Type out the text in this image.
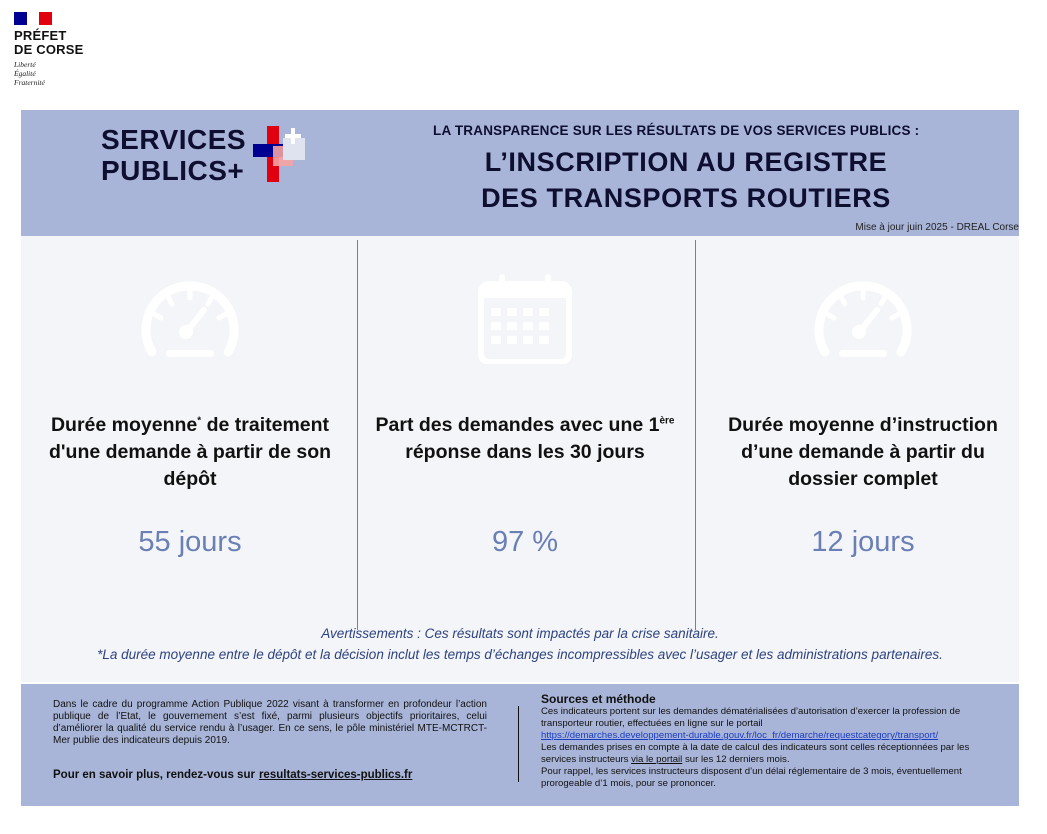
PRÉFET
DE CORSE
Liberté
Égalité
Fraternité
SERVICES
PUBLICS+
LA TRANSPARENCE SUR LES RÉSULTATS DE VOS SERVICES PUBLICS :
L’INSCRIPTION AU REGISTRE
DES TRANSPORTS ROUTIERS
Mise à jour juin 2025 - DREAL Corse
Durée moyenne* de traitement d'une demande à partir de son dépôt
55 jours
Part des demandes avec une 1ère réponse dans les 30 jours
97 %
Durée moyenne d’instruction d’une demande à partir du dossier complet
12 jours
Avertissements : Ces résultats sont impactés par la crise sanitaire.
*La durée moyenne entre le dépôt et la décision inclut les temps d’échanges incompressibles avec l’usager et les administrations partenaires.
Dans le cadre du programme Action Publique 2022 visant à transformer en profondeur l’action publique de l’Etat, le gouvernement s’est fixé, parmi plusieurs objectifs prioritaires, celui d’améliorer la qualité du service rendu à l’usager. En ce sens, le pôle ministériel MTE-MCTRCT-Mer publie des indicateurs depuis 2019.
Pour en savoir plus, rendez-vous sur resultats-services-publics.fr
Sources et méthode
Ces indicateurs portent sur les demandes dématérialisées d’autorisation d’exercer la profession de transporteur routier, effectuées en ligne sur le portail
https://demarches.developpement-durable.gouv.fr/loc_fr/demarche/requestcategory/transport/
Les demandes prises en compte à la date de calcul des indicateurs sont celles réceptionnées par les services instructeurs via le portail sur les 12 derniers mois.
Pour rappel, les services instructeurs disposent d’un délai réglementaire de 3 mois, éventuellement prorogeable d’1 mois, pour se prononcer.
